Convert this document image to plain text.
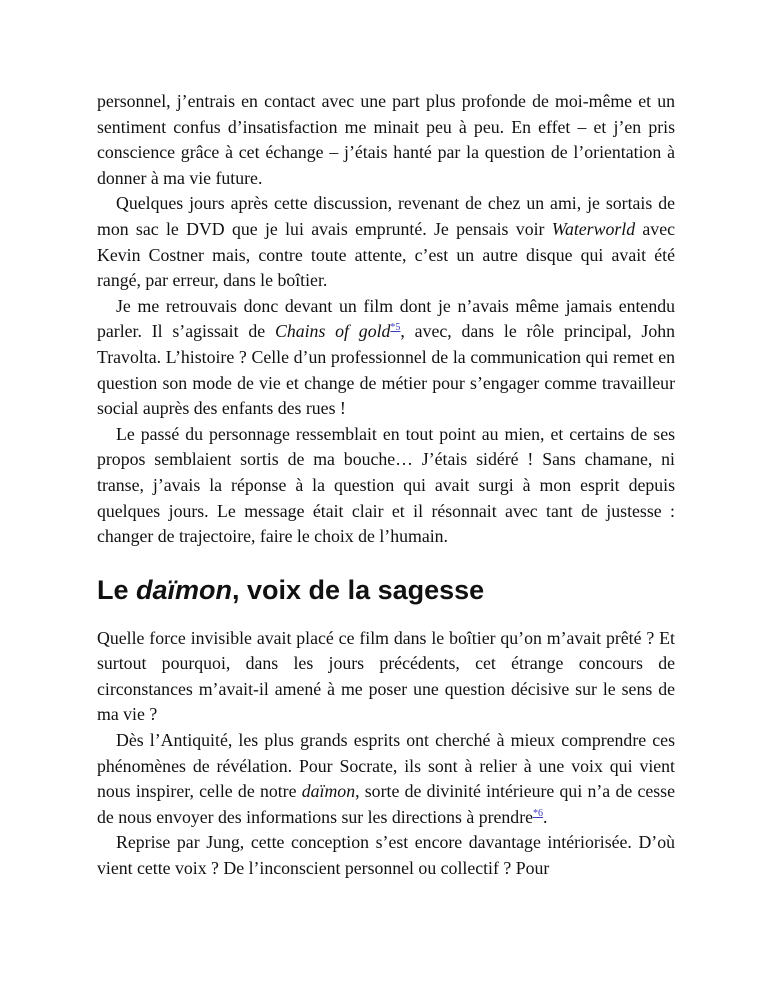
personnel, j’entrais en contact avec une part plus profonde de moi-même et un sentiment confus d’insatisfaction me minait peu à peu. En effet – et j’en pris conscience grâce à cet échange – j’étais hanté par la question de l’orientation à donner à ma vie future.

Quelques jours après cette discussion, revenant de chez un ami, je sortais de mon sac le DVD que je lui avais emprunté. Je pensais voir Waterworld avec Kevin Costner mais, contre toute attente, c’est un autre disque qui avait été rangé, par erreur, dans le boîtier.

Je me retrouvais donc devant un film dont je n’avais même jamais entendu parler. Il s’agissait de Chains of gold$^{*5}$, avec, dans le rôle principal, John Travolta. L’histoire ? Celle d’un professionnel de la communication qui remet en question son mode de vie et change de métier pour s’engager comme travailleur social auprès des enfants des rues !

Le passé du personnage ressemblait en tout point au mien, et certains de ses propos semblaient sortis de ma bouche… J’étais sidéré ! Sans chamane, ni transe, j’avais la réponse à la question qui avait surgi à mon esprit depuis quelques jours. Le message était clair et il résonnait avec tant de justesse : changer de trajectoire, faire le choix de l’humain.

Le daïmon, voix de la sagesse

Quelle force invisible avait placé ce film dans le boîtier qu’on m’avait prêté ? Et surtout pourquoi, dans les jours précédents, cet étrange concours de circonstances m’avait-il amené à me poser une question décisive sur le sens de ma vie ?

Dès l’Antiquité, les plus grands esprits ont cherché à mieux comprendre ces phénomènes de révélation. Pour Socrate, ils sont à relier à une voix qui vient nous inspirer, celle de notre daïmon, sorte de divinité intérieure qui n’a de cesse de nous envoyer des informations sur les directions à prendre$^{*6}$.

Reprise par Jung, cette conception s’est encore davantage intériorisée. D’où vient cette voix ? De l’inconscient personnel ou collectif ? Pour
